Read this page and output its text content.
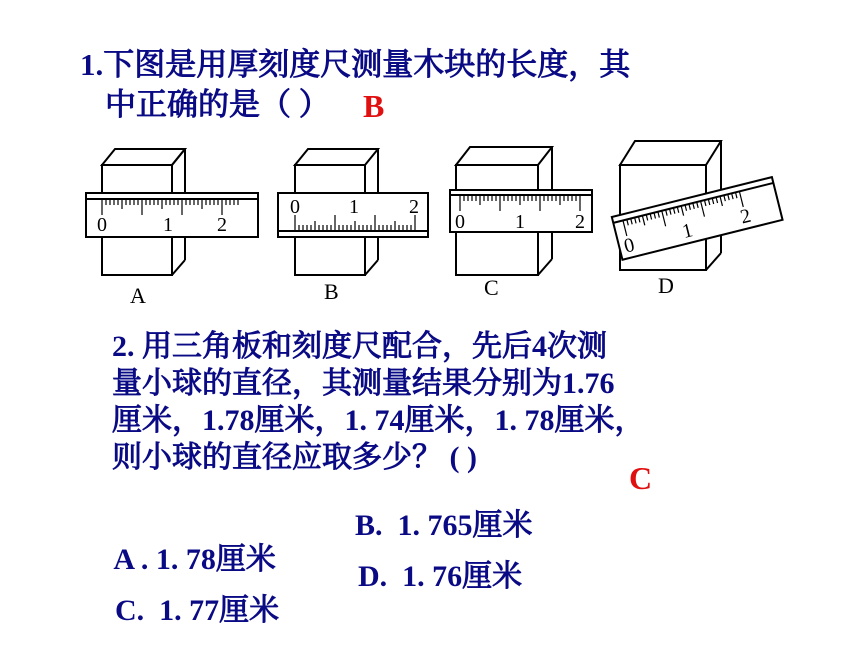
1.下图是用厚刻度尺测量木块的长度，其
中正确的是（ ）	B
0	1 2
0 1	2
0	1	2
0
1
2
A	B	C	D
2. 用三角板和刻度尺配合，先后4次测
量小球的直径，其测量结果分别为1.76
厘米，1.78厘米，1. 74厘米，1. 78厘米，
则小球的直径应取多少？ ( )
C

A . 1. 78厘米

B.  1. 765厘米

C.  1. 77厘米

D.  1. 76厘米
